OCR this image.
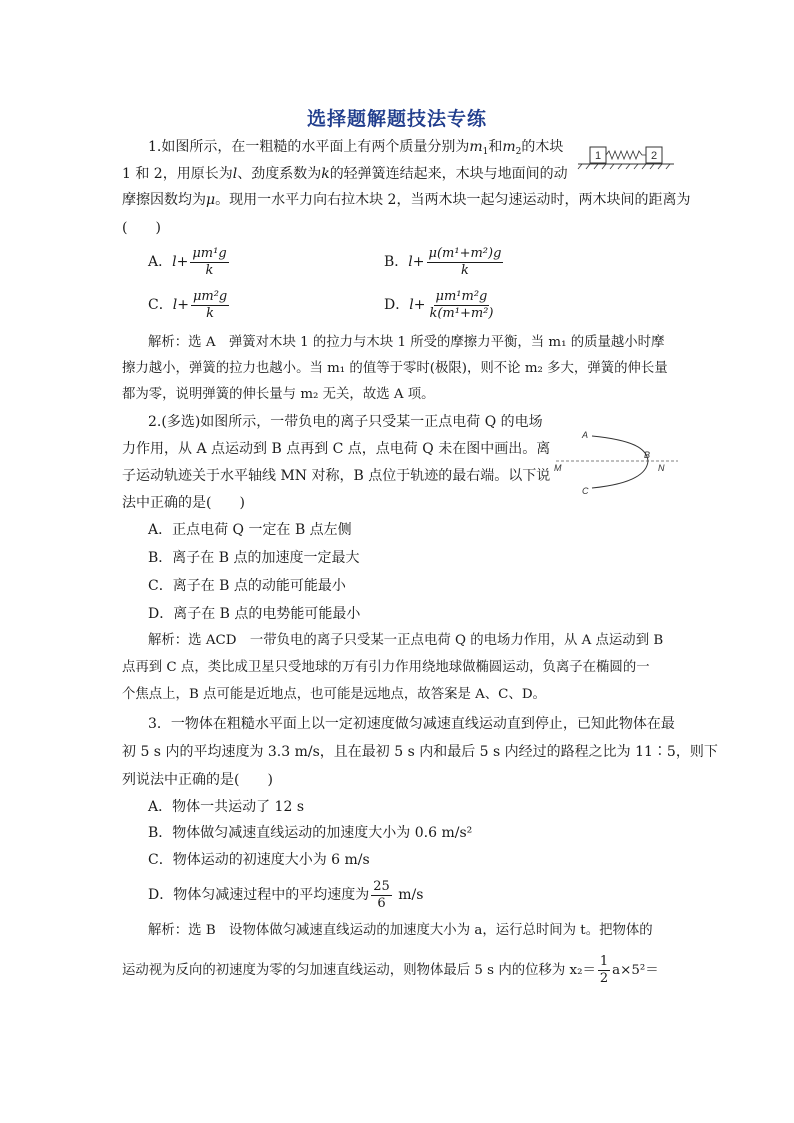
选择题解题技法专练
1.如图所示，在一粗糙的水平面上有两个质量分别为$m_1$和$m_2$的木块
1	2
1 和 2，用原长为l、劲度系数为k的轻弹簧连结起来，木块与地面间的动
摩擦因数均为μ。现用一水平力向右拉木块 2，当两木块一起匀速运动时，两木块间的距离为
(　　)
A．$l+ \frac{\text{μm¹g}}{k}$	B．$l+ \frac{\text{μ(m¹+m²)g}}{k}$
C．$l+ \frac{\text{μm²g}}{k}$	D．$l+ \frac{\text{μm¹m²g}}{\text{k(m¹+m²)}}$
解析：选 A　弹簧对木块 1 的拉力与木块 1 所受的摩擦力平衡，当 m₁ 的质量越小时摩
擦力越小，弹簧的拉力也越小。当 m₁ 的值等于零时(极限)，则不论 m₂ 多大，弹簧的伸长量
都为零，说明弹簧的伸长量与 m₂ 无关，故选 A 项。
2.(多选)如图所示，一带负电的离子只受某一正点电荷 Q 的电场
力作用，从 A 点运动到 B 点再到 C 点，点电荷 Q 未在图中画出。离
子运动轨迹关于水平轴线 MN 对称，B 点位于轨迹的最右端。以下说
法中正确的是(　　)
A
B
C
M	N
A．正点电荷 Q 一定在 B 点左侧
B．离子在 B 点的加速度一定最大
C．离子在 B 点的动能可能最小
D．离子在 B 点的电势能可能最小
解析：选 ACD　一带负电的离子只受某一正点电荷 Q 的电场力作用，从 A 点运动到 B
点再到 C 点，类比成卫星只受地球的万有引力作用绕地球做椭圆运动，负离子在椭圆的一
个焦点上，B 点可能是近地点，也可能是远地点，故答案是 A、C、D。
3．一物体在粗糙水平面上以一定初速度做匀减速直线运动直到停止，已知此物体在最
初 5 s 内的平均速度为 3.3 m/s，且在最初 5 s 内和最后 5 s 内经过的路程之比为 11∶5，则下
列说法中正确的是(　　)
A．物体一共运动了 12 s
B．物体做匀减速直线运动的加速度大小为 0.6 m/s²
C．物体运动的初速度大小为 6 m/s
D．物体匀减速过程中的平均速度为 $\frac{25}{6} m/s$
解析：选 B　设物体做匀减速直线运动的加速度大小为 a，运行总时间为 t。把物体的
运动视为反向的初速度为零的匀加速直线运动，则物体最后 5 s 内的位移为 $x_2= \frac{1}{2} a\times 5^2=$
